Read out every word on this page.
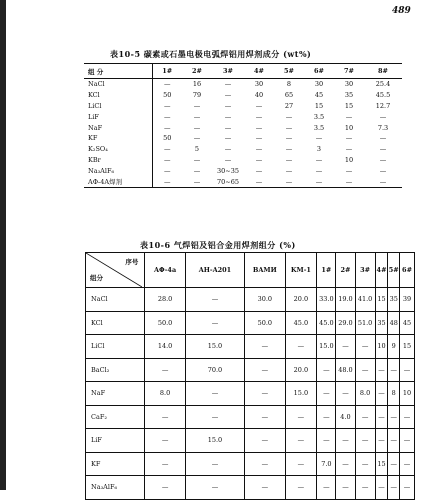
489
表10-5 碳素或石墨电极电弧焊铝用焊剂成分 (wt%)
组 分	1#	2#	3#	4#	5#	6#	7#	8#
NaCl	—	16	—	30	8	30	30	25.4
KCl	50	79	—	40	65	45	35	45.5
LiCl	—	—	—	—	27	15	15	12.7
LiF	—	—	—	—	—	3.5	—	—
NaF	—	—	—	—	—	3.5	10	7.3
KF	50	—	—	—	—	—	—	—
K₂SO₄	—	5	—	—	—	3	—	—
KBr	—	—	—	—	—	—	10	—
Na₃AlF₆	—	—	30~35	—	—	—	—	—
AΦ-4A焊剂	—	—	70~65	—	—	—	—	—
表10-6 气焊铝及铝合金用焊剂组分 (%)
序号
组分	AΦ-4a	AH-A201	BAMИ	KM-1	1#	2#	3#	4#	5#	6#
NaCl	28.0	—	30.0	20.0	33.0	19.0	41.0	15	35	39
KCl	50.0	—	50.0	45.0	45.0	29.0	51.0	35	48	45
LiCl	14.0	15.0	—	—	15.0	—	—	10	9	15
BaCl₂	—	70.0	—	20.0	—	48.0	—	—	—	—
NaF	8.0	—	—	15.0	—	—	8.0	—	8	10
CaF₂	—	—	—	—	—	4.0	—	—	—	—
LiF	—	15.0	—	—	—	—	—	—	—	—
KF	—	—	—	—	7.0	—	—	15	—	—
Na₃AlF₆	—	—	—	—	—	—	—	—	—	—
